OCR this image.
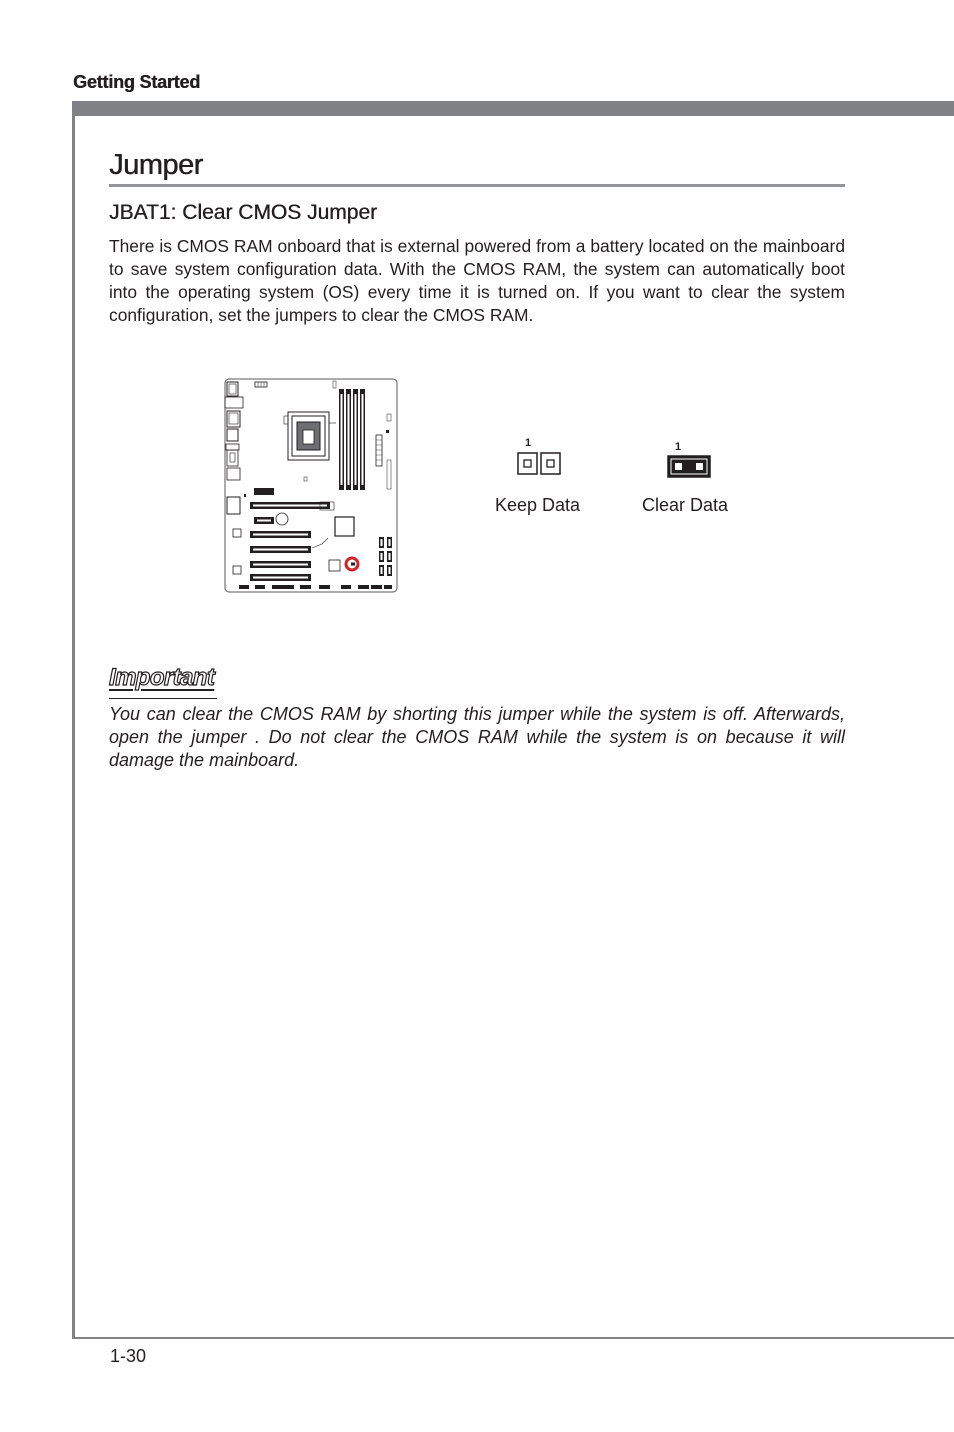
Getting Started
Jumper
JBAT1: Clear CMOS Jumper

There is CMOS RAM onboard that is external powered from a battery located on the mainboard to save system configuration data. With the CMOS RAM, the system can automatically boot into the operating system (OS) every time it is turned on. If you want to clear the system configuration, set the jumpers to clear the CMOS RAM.

1
Keep Data
1
Clear Data
Important

You can clear the CMOS RAM by shorting this jumper while the system is off. Afterwards, open the jumper . Do not clear the CMOS RAM while the system is on because it will damage the mainboard.

1-30
